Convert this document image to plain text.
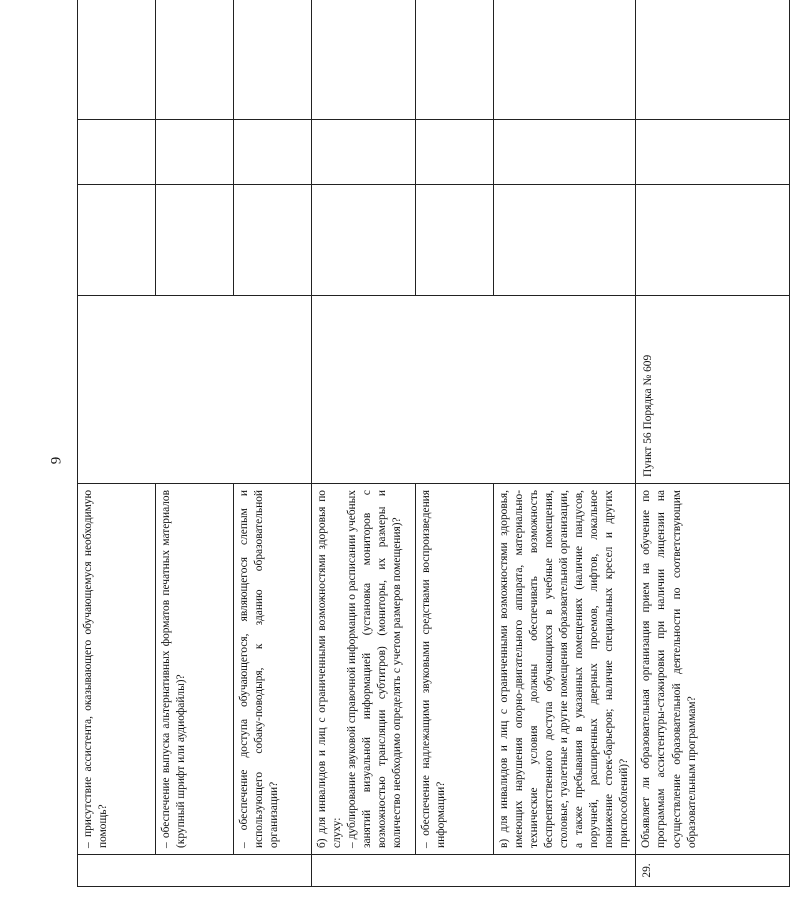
9

	– присутствие ассистента, оказывающего обучающемуся необходимую помощь?				

	– обеспечение выпуска альтернативных форматов печатных материалов (крупный шрифт или аудиофайлы)?				

	– обеспечение доступа обучающегося, являющегося слепым и использующего собаку-поводыря, к зданию образовательной организации?				

	б) для инвалидов и лиц с ограниченными возможностями здоровья по слуху:
– дублирование звуковой справочной информации о расписании учебных занятий визуальной информацией (установка мониторов с возможностью трансляции субтитров) (мониторы, их размеры и количество необходимо определять с учетом размеров помещения)?				

	– обеспечение надлежащими звуковыми средствами воспроизведения информации?				

	в) для инвалидов и лиц с ограниченными возможностями здоровья, имеющих нарушения опорно-двигательного аппарата, материально-технические условия должны обеспечивать возможность беспрепятственного доступа обучающихся в учебные помещения, столовые, туалетные и другие помещения образовательной организации, а также пребывания в указанных помещениях (наличие пандусов, поручней, расширенных дверных проемов, лифтов, локальное понижение стоек-барьеров; наличие специальных кресел и других приспособлений)?				

29.	Объявляет ли образовательная организация прием на обучение по программам ассистентуры-стажировки при наличии лицензии на осуществление образовательной деятельности по соответствующим образовательным программам?	Пункт 56 Порядка № 609			
